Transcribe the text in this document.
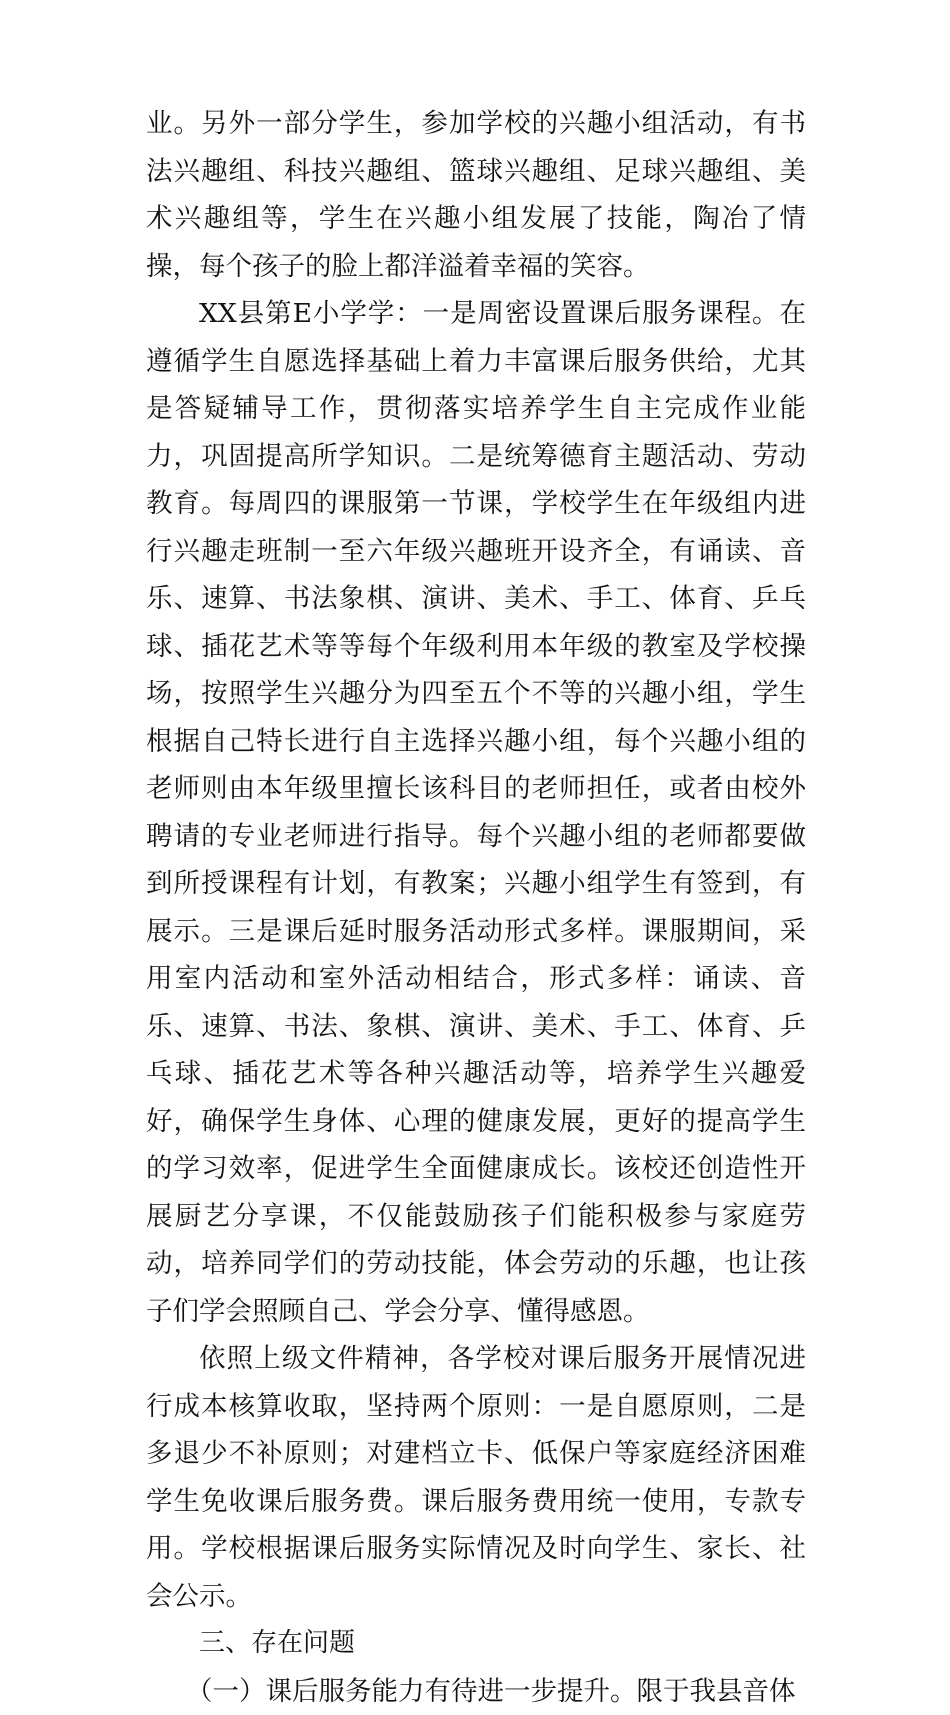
业。另外一部分学生，参加学校的兴趣小组活动，有书法兴趣组、科技兴趣组、篮球兴趣组、足球兴趣组、美术兴趣组等，学生在兴趣小组发展了技能，陶冶了情操，每个孩子的脸上都洋溢着幸福的笑容。

XX县第E小学学：一是周密设置课后服务课程。在遵循学生自愿选择基础上着力丰富课后服务供给，尤其是答疑辅导工作，贯彻落实培养学生自主完成作业能力，巩固提高所学知识。二是统筹德育主题活动、劳动教育。每周四的课服第一节课，学校学生在年级组内进行兴趣走班制一至六年级兴趣班开设齐全，有诵读、音乐、速算、书法象棋、演讲、美术、手工、体育、乒乓球、插花艺术等等每个年级利用本年级的教室及学校操场，按照学生兴趣分为四至五个不等的兴趣小组，学生根据自己特长进行自主选择兴趣小组，每个兴趣小组的老师则由本年级里擅长该科目的老师担任，或者由校外聘请的专业老师进行指导。每个兴趣小组的老师都要做到所授课程有计划，有教案；兴趣小组学生有签到，有展示。三是课后延时服务活动形式多样。课服期间，采用室内活动和室外活动相结合，形式多样：诵读、音乐、速算、书法、象棋、演讲、美术、手工、体育、乒乓球、插花艺术等各种兴趣活动等，培养学生兴趣爱好，确保学生身体、心理的健康发展，更好的提高学生的学习效率，促进学生全面健康成长。该校还创造性开展厨艺分享课，不仅能鼓励孩子们能积极参与家庭劳动，培养同学们的劳动技能，体会劳动的乐趣，也让孩子们学会照顾自己、学会分享、懂得感恩。

依照上级文件精神，各学校对课后服务开展情况进行成本核算收取，坚持两个原则：一是自愿原则，二是多退少不补原则；对建档立卡、低保户等家庭经济困难学生免收课后服务费。课后服务费用统一使用，专款专用。学校根据课后服务实际情况及时向学生、家长、社会公示。

三、存在问题

（一）课后服务能力有待进一步提升。限于我县音体
